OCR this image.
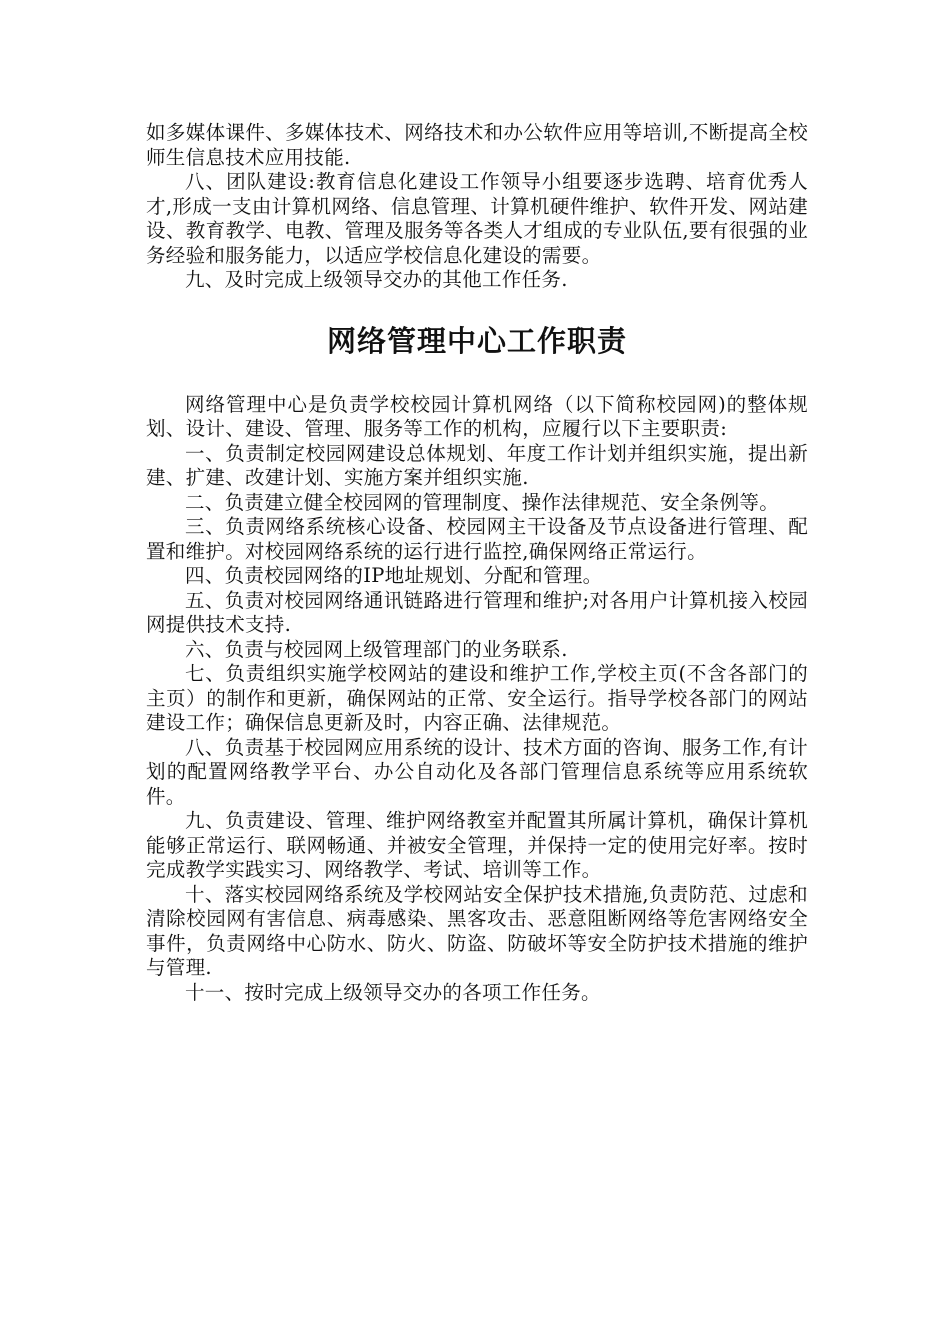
如多媒体课件、多媒体技术、网络技术和办公软件应用等培训,不断提高全校师生信息技术应用技能.

八、团队建设:教育信息化建设工作领导小组要逐步选聘、培育优秀人才,形成一支由计算机网络、信息管理、计算机硬件维护、软件开发、网站建设、教育教学、电教、管理及服务等各类人才组成的专业队伍,要有很强的业务经验和服务能力，以适应学校信息化建设的需要。

九、及时完成上级领导交办的其他工作任务.

网络管理中心工作职责

网络管理中心是负责学校校园计算机网络（以下简称校园网)的整体规划、设计、建设、管理、服务等工作的机构，应履行以下主要职责:

一、负责制定校园网建设总体规划、年度工作计划并组织实施，提出新建、扩建、改建计划、实施方案并组织实施.

二、负责建立健全校园网的管理制度、操作法律规范、安全条例等。

三、负责网络系统核心设备、校园网主干设备及节点设备进行管理、配置和维护。对校园网络系统的运行进行监控,确保网络正常运行。

四、负责校园网络的IP地址规划、分配和管理。

五、负责对校园网络通讯链路进行管理和维护;对各用户计算机接入校园网提供技术支持.

六、负责与校园网上级管理部门的业务联系.

七、负责组织实施学校网站的建设和维护工作,学校主页(不含各部门的主页）的制作和更新，确保网站的正常、安全运行。指导学校各部门的网站建设工作；确保信息更新及时，内容正确、法律规范。

八、负责基于校园网应用系统的设计、技术方面的咨询、服务工作,有计划的配置网络教学平台、办公自动化及各部门管理信息系统等应用系统软件。

九、负责建设、管理、维护网络教室并配置其所属计算机，确保计算机能够正常运行、联网畅通、并被安全管理，并保持一定的使用完好率。按时完成教学实践实习、网络教学、考试、培训等工作。

十、落实校园网络系统及学校网站安全保护技术措施,负责防范、过虑和清除校园网有害信息、病毒感染、黑客攻击、恶意阻断网络等危害网络安全事件，负责网络中心防水、防火、防盗、防破坏等安全防护技术措施的维护与管理.

十一、按时完成上级领导交办的各项工作任务。
